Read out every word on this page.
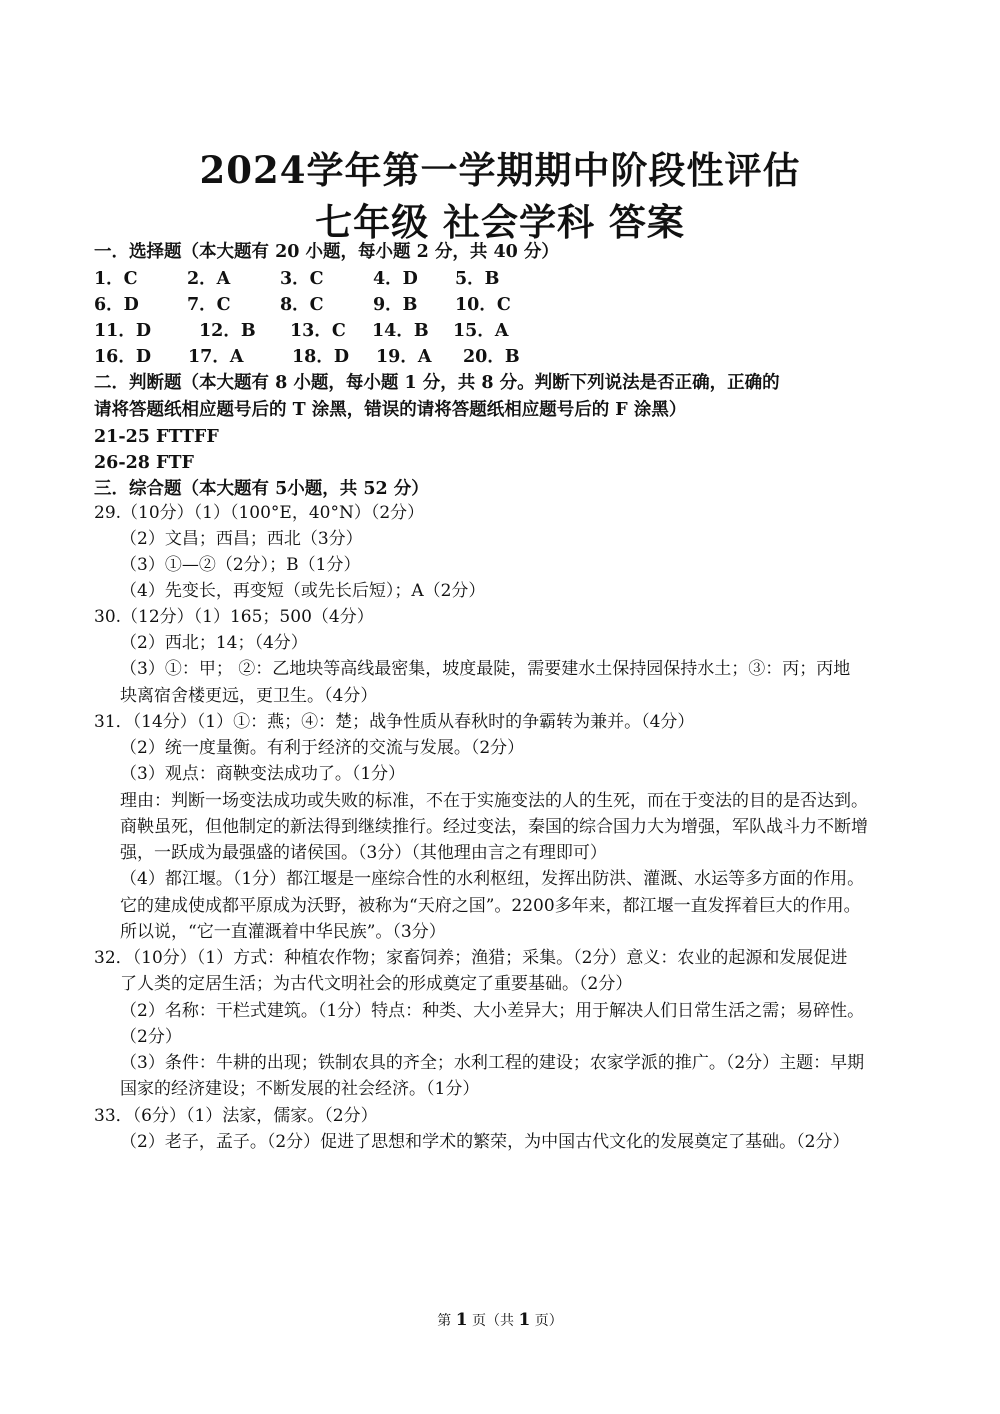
2024学年第一学期期中阶段性评估
七年级 社会学科 答案
一．选择题（本大题有 20 小题，每小题 2 分，共 40 分）
1．C	2．A	3．C	4．D 5．B
6．D	7．C	8．C	9．B 10．C
11．D	12．B 13．C 14．B 15．A
16．D 17．A	18．D 19．A 20．B
二．判断题（本大题有 8 小题，每小题 1 分，共 8 分。判断下列说法是否正确，正确的
请将答题纸相应题号后的 T 涂黑，错误的请将答题纸相应题号后的 F 涂黑）
21-25 FTTFF
26-28 FTF
三．综合题（本大题有 5小题，共 52 分）
29.（10分）（1）（100°E，40°N）（2分）
（2）文昌；西昌；西北（3分）
（3）①—②（2分）；B（1分）
（4）先变长，再变短（或先长后短）；A（2分）
30.（12分）（1）165；500（4分）
（2）西北；14；（4分）
（3）①：甲； ②：乙地块等高线最密集，坡度最陡，需要建水土保持园保持水土；③：丙；丙地
块离宿舍楼更远，更卫生。（4分）
31．（14分）（1）①：燕；④：楚；战争性质从春秋时的争霸转为兼并。（4分）
（2）统一度量衡。有利于经济的交流与发展。（2分）
（3）观点：商鞅变法成功了。（1分）
理由：判断一场变法成功或失败的标准，不在于实施变法的人的生死，而在于变法的目的是否达到。
商鞅虽死，但他制定的新法得到继续推行。经过变法，秦国的综合国力大为增强，军队战斗力不断增
强，一跃成为最强盛的诸侯国。（3分）（其他理由言之有理即可）
（4）都江堰。（1分）都江堰是一座综合性的水利枢纽，发挥出防洪、灌溉、水运等多方面的作用。
它的建成使成都平原成为沃野，被称为“天府之国”。2200多年来，都江堰一直发挥着巨大的作用。
所以说，“它一直灌溉着中华民族”。（3分）
32．（10分）（1）方式：种植农作物；家畜饲养；渔猎；采集。（2分）意义：农业的起源和发展促进
了人类的定居生活；为古代文明社会的形成奠定了重要基础。（2分）
（2）名称：干栏式建筑。（1分）特点：种类、大小差异大；用于解决人们日常生活之需；易碎性。
（2分）
（3）条件：牛耕的出现；铁制农具的齐全；水利工程的建设；农家学派的推广。（2分）主题：早期
国家的经济建设；不断发展的社会经济。（1分）
33．（6分）（1）法家，儒家。（2分）
（2）老子，孟子。（2分）促进了思想和学术的繁荣，为中国古代文化的发展奠定了基础。（2分）
第 1 页（共 1 页）
